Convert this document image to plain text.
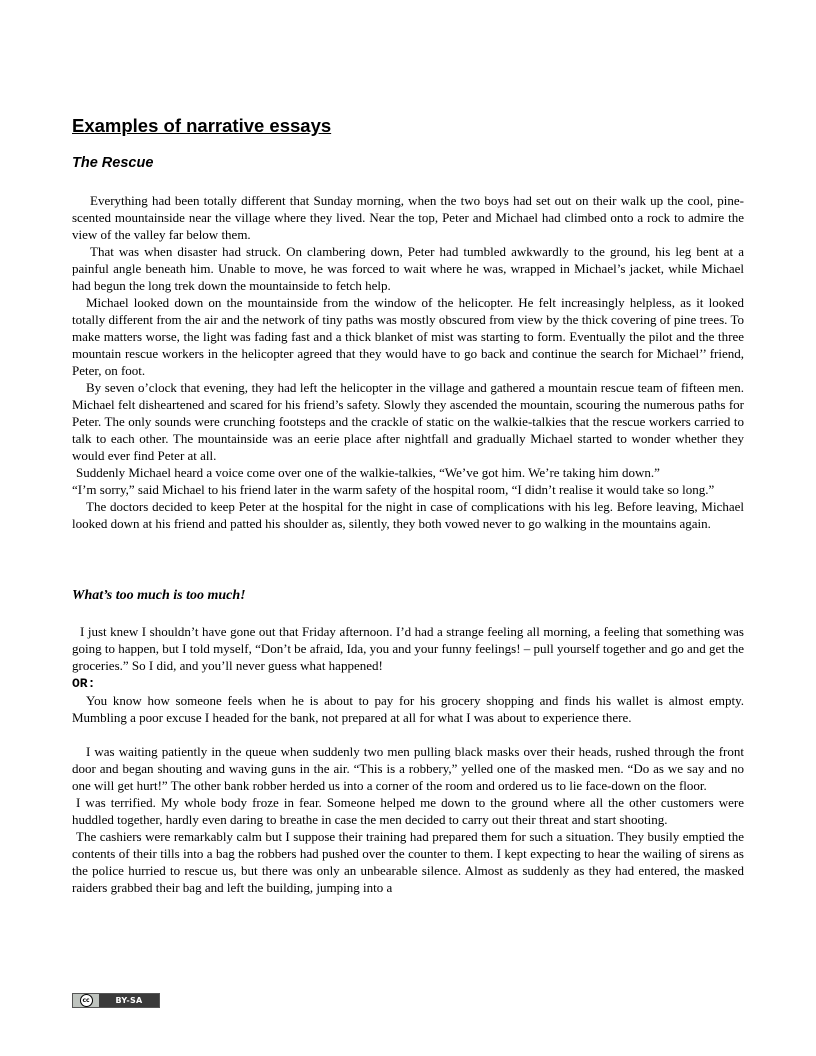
Examples of narrative essays
The Rescue

Everything had been totally different that Sunday morning, when the two boys had set out on their walk up the cool, pine-scented mountainside near the village where they lived. Near the top, Peter and Michael had climbed onto a rock to admire the view of the valley far below them.

That was when disaster had struck. On clambering down, Peter had tumbled awkwardly to the ground, his leg bent at a painful angle beneath him. Unable to move, he was forced to wait where he was, wrapped in Michael’s jacket, while Michael had begun the long trek down the mountainside to fetch help.

Michael looked down on the mountainside from the window of the helicopter. He felt increasingly helpless, as it looked totally different from the air and the network of tiny paths was mostly obscured from view by the thick covering of pine trees. To make matters worse, the light was fading fast and a thick blanket of mist was starting to form. Eventually the pilot and the three mountain rescue workers in the helicopter agreed that they would have to go back and continue the search for Michael’’ friend, Peter, on foot.

By seven o’clock that evening, they had left the helicopter in the village and gathered a mountain rescue team of fifteen men. Michael felt disheartened and scared for his friend’s safety. Slowly they ascended the mountain, scouring the numerous paths for Peter. The only sounds were crunching footsteps and the crackle of static on the walkie-talkies that the rescue workers carried to talk to each other. The mountainside was an eerie place after nightfall and gradually Michael started to wonder whether they would ever find Peter at all.

Suddenly Michael heard a voice come over one of the walkie-talkies, “We’ve got him. We’re taking him down.”

“I’m sorry,” said Michael to his friend later in the warm safety of the hospital room, “I didn’t realise it would take so long.”

The doctors decided to keep Peter at the hospital for the night in case of complications with his leg. Before leaving, Michael looked down at his friend and patted his shoulder as, silently, they both vowed never to go walking in the mountains again.

What’s too much is too much!

I just knew I shouldn’t have gone out that Friday afternoon. I’d had a strange feeling all morning, a feeling that something was going to happen, but I told myself, “Don’t be afraid, Ida, you and your funny feelings! – pull yourself together and go and get the groceries.” So I did, and you’ll never guess what happened!

OR:

You know how someone feels when he is about to pay for his grocery shopping and finds his wallet is almost empty. Mumbling a poor excuse I headed for the bank, not prepared at all for what I was about to experience there.

I was waiting patiently in the queue when suddenly two men pulling black masks over their heads, rushed through the front door and began shouting and waving guns in the air. “This is a robbery,” yelled one of the masked men. “Do as we say and no one will get hurt!” The other bank robber herded us into a corner of the room and ordered us to lie face-down on the floor.

I was terrified. My whole body froze in fear. Someone helped me down to the ground where all the other customers were huddled together, hardly even daring to breathe in case the men decided to carry out their threat and start shooting.

The cashiers were remarkably calm but I suppose their training had prepared them for such a situation. They busily emptied the contents of their tills into a bag the robbers had pushed over the counter to them. I kept expecting to hear the wailing of sirens as the police hurried to rescue us, but there was only an unbearable silence. Almost as suddenly as they had entered, the masked raiders grabbed their bag and left the building, jumping into a

cc	BY-SA
